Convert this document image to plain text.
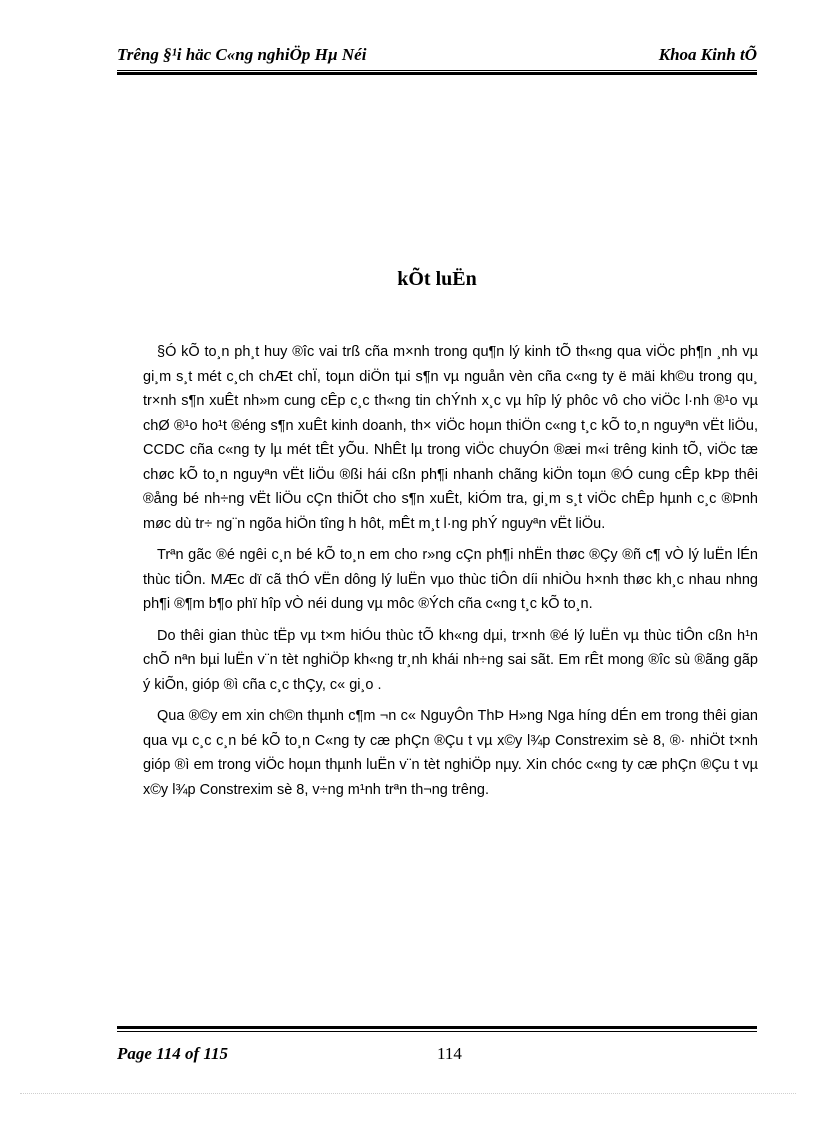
Trêng §¹i häc C«ng nghiÖp Hµ Néi	Khoa Kinh tÕ
kÕt luËn

§Ó kÕ to¸n ph¸t huy ®îc vai trß cña m×nh trong qu¶n lý kinh tÕ th«ng qua viÖc ph¶n ¸nh vµ gi¸m s¸t mét c¸ch chÆt chÏ, toµn diÖn tµi s¶n vµ nguån vèn cña c«ng ty ë mäi kh©u trong qu¸ tr×nh s¶n xuÊt nh»m cung cÊp c¸c th«ng tin chÝnh x¸c vµ hîp lý phôc vô cho viÖc l·nh ®¹o vµ chØ ®¹o ho¹t ®éng s¶n xuÊt kinh doanh, th× viÖc hoµn thiÖn c«ng t¸c kÕ to¸n nguyªn vËt liÖu, CCDC cña c«ng ty lµ mét tÊt yÕu. NhÊt lµ trong viÖc chuyÓn ®æi m«i trêng kinh tÕ, viÖc tæ chøc kÕ to¸n nguyªn vËt liÖu ®ßi hái cßn ph¶i nhanh chãng kiÖn toµn ®Ó cung cÊp kÞp thêi ®ång bé nh÷ng vËt liÖu cÇn thiÕt cho s¶n xuÊt, kiÓm tra, gi¸m s¸t viÖc chÊp hµnh c¸c ®Þnh møc dù tr÷ ng¨n ngõa hiÖn tîng h hôt, mÊt m¸t l·ng phÝ nguyªn vËt liÖu.

Trªn gãc ®é ngêi c¸n bé kÕ to¸n em cho r»ng cÇn ph¶i nhËn thøc ®Çy ®ñ c¶ vÒ lý luËn lÉn thùc tiÔn. MÆc dï cã thÓ vËn dông lý luËn vµo thùc tiÔn díi nhiÒu h×nh thøc kh¸c nhau nhng ph¶i ®¶m b¶o phï hîp vÒ néi dung vµ môc ®Ých cña c«ng t¸c kÕ to¸n.

Do thêi gian thùc tËp vµ t×m hiÓu thùc tÕ kh«ng dµi, tr×nh ®é lý luËn vµ thùc tiÔn cßn h¹n chÕ nªn bµi luËn v¨n tèt nghiÖp kh«ng tr¸nh khái nh÷ng sai sãt. Em rÊt mong ®îc sù ®ãng gãp ý kiÕn, gióp ®ì cña c¸c thÇy, c« gi¸o .

Qua ®©y em xin ch©n thµnh c¶m ¬n c« NguyÔn ThÞ H»ng Nga híng dÉn em trong thêi gian qua vµ c¸c c¸n bé kÕ to¸n C«ng ty cæ phÇn ®Çu t vµ x©y l¾p Constrexim sè 8, ®· nhiÖt t×nh gióp ®ì em trong viÖc hoµn thµnh luËn v¨n tèt nghiÖp nµy. Xin chóc c«ng ty cæ phÇn ®Çu t vµ x©y l¾p Constrexim sè 8, v÷ng m¹nh trªn th¬ng trêng.

Page 114 of 115	114
